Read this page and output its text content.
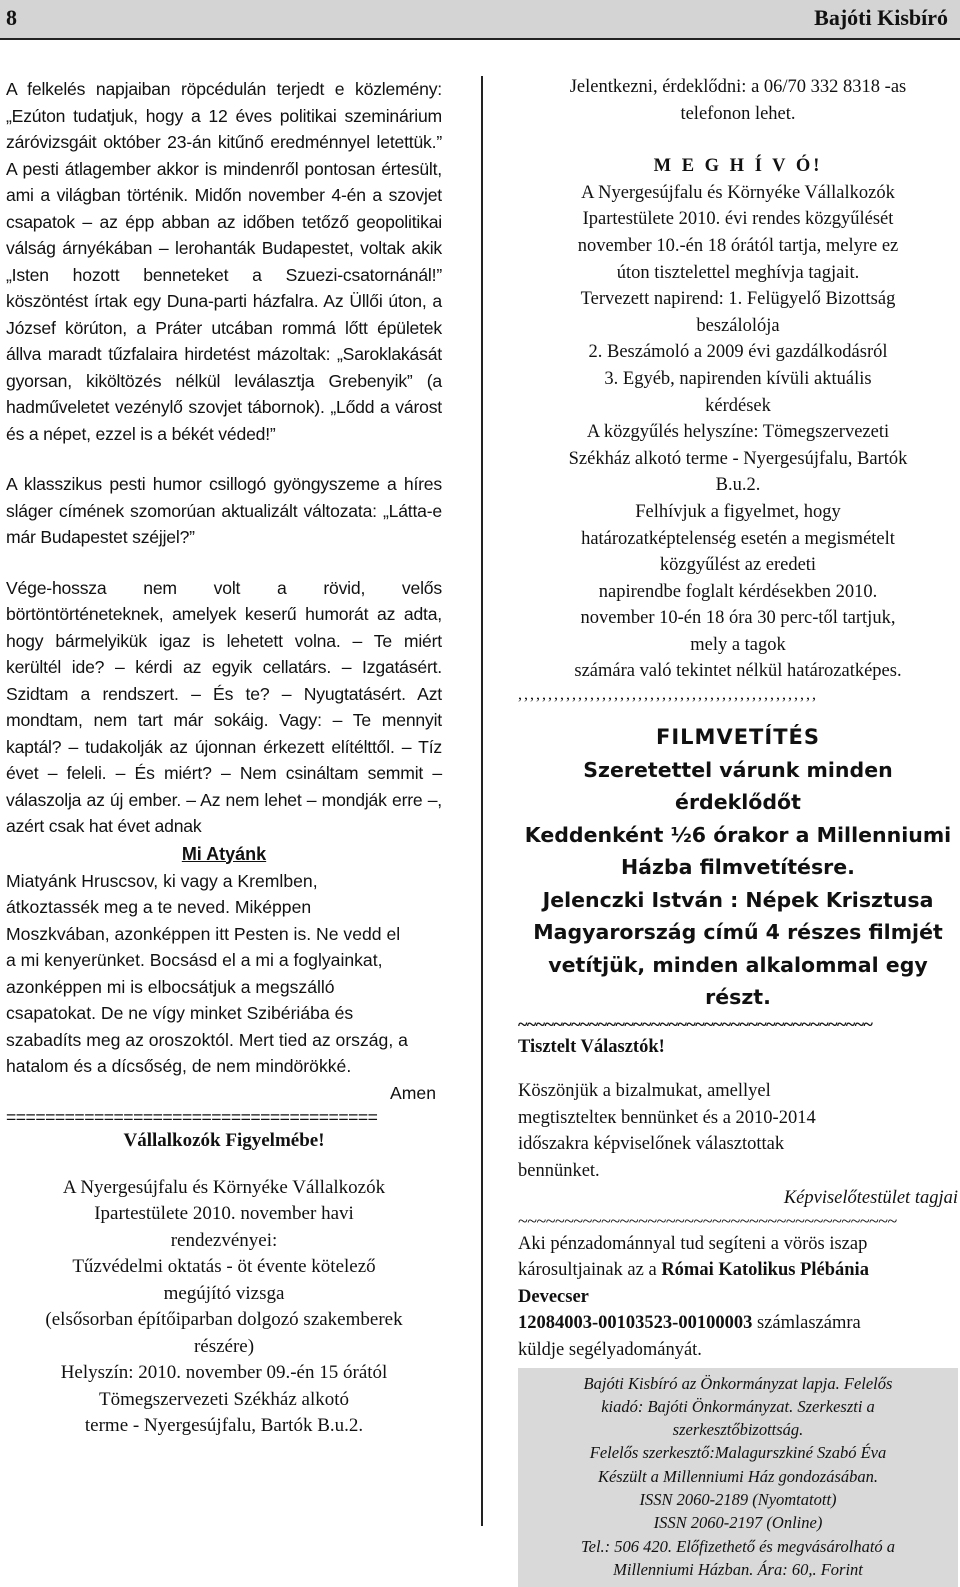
8	Bajóti Kisbíró

A felkelés napjaiban röpcédulán terjedt e közlemény: „Ezúton tudatjuk, hogy a 12 éves politikai szeminárium záróvizsgáit október 23-án kitűnő eredménnyel letettük.” A pesti átlagember akkor is mindenről pontosan értesült, ami a világban történik. Midőn november 4-én a szovjet csapatok – az épp abban az időben tetőző geopolitikai válság árnyékában – lerohanták Budapestet, voltak akik „Isten hozott benneteket a Szuezi-csatornánál!” köszöntést írtak egy Duna-parti házfalra. Az Üllői úton, a József körúton, a Práter utcában rommá lőtt épületek állva maradt tűzfalaira hirdetést mázoltak: „Saroklakását gyorsan, kiköltözés nélkül leválasztja Grebenyik” (a hadműveletet vezénylő szovjet tábornok). „Lődd a várost és a népet, ezzel is a békét véded!”

A klasszikus pesti humor csillogó gyöngyszeme a híres sláger címének szomorúan aktualizált változata: „Látta-e már Budapestet széjjel?”

Vége-hossza nem volt a rövid, velős börtöntörténeteknek, amelyek keserű humorát az adta, hogy bármelyikük igaz is lehetett volna. – Te miért kerültél ide? – kérdi az egyik cellatárs. – Izgatásért. Szidtam a rendszert. – És te? – Nyugtatásért. Azt mondtam, nem tart már sokáig. Vagy: – Te mennyit kaptál? – tudakolják az újonnan érkezett elítélttől. – Tíz évet – feleli. – És miért? – Nem csináltam semmit – válaszolja az új ember. – Az nem lehet – mondják erre –, azért csak hat évet adnak

Mi Atyánk

Miatyánk Hruscsov, ki vagy a Kremlben,
átkoztassék meg a te neved. Miképpen
Moszkvában, azonképpen itt Pesten is. Ne vedd el
a mi kenyerünket. Bocsásd el a mi a foglyainkat,
azonképpen mi is elbocsátjuk a megszálló
csapatokat. De ne vígy minket Szibériába és
szabadíts meg az oroszoktól. Mert tied az ország, a
hatalom és a dícsőség, de nem mindörökké.

Amen
======================================

Vállalkozók Figyelmébe!

A Nyergesújfalu és Környéke Vállalkozók
Ipartestülete 2010. november havi
rendezvényei:
Tűzvédelmi oktatás - öt évente kötelező
megújító vizsga
(elsősorban építőiparban dolgozó szakemberek
részére)
Helyszín: 2010. november 09.-én 15 órától
Tömegszervezeti Székház alkotó
terme - Nyergesújfalu, Bartók B.u.2.

Jelentkezni, érdeklődni: a 06/70 332 8318 -as
telefonon lehet.

M E G H Í V Ó!

A Nyergesújfalu és Környéke Vállalkozók
Ipartestülete 2010. évi rendes közgyűlését
november 10.-én 18 órától tartja, melyre ez
úton tisztelettel meghívja tagjait.
Tervezett napirend: 1. Felügyelő Bizottság
beszálolója
2. Beszámoló a 2009 évi gazdálkodásról
3. Egyéb, napirenden kívüli aktuális
kérdések
A közgyűlés helyszíne: Tömegszervezeti
Székház alkotó terme - Nyergesújfalu, Bartók
B.u.2.
Felhívjuk a figyelmet, hogy
határozatképtelenség esetén a megismételt
közgyűlést az eredeti
napirendbe foglalt kérdésekben 2010.
november 10-én 18 óra 30 perc-től tartjuk,
mely a tagok
számára való tekintet nélkül határozatképes.

,,,,,,,,,,,,,,,,,,,,,,,,,,,,,,,,,,,,,,,,,,,,,,,,,,

FILMVETÍTÉS

Szeretettel várunk minden érdeklődőt
Keddenként ½6 órakor a Millenniumi
Házba filmvetítésre.
Jelenczki István : Népek Krisztusa
Magyarország című 4 részes filmjét
vetítjük, minden alkalommal egy részt.

~~~~~~~~~~~~~~~~~~~~~~~~~~~~~~~~~~~~~~~~

Tisztelt Választók!

Köszönjük a bizalmukat, amellyel
megtisztelteк bennünket és a 2010-2014
időszakra képviselőnek választottak
bennünket.

Képviselőtestület tagjai
~~~~~~~~~~~~~~~~~~~~~~~~~~~~~~~~~~~~~~~~~

Aki pénzadománnyal tud segíteni a vörös iszap
károsultjainak az a Római Katolikus Plébánia
Devecser
12084003-00103523-00100003 számlaszámra
küldje segélyadományát.

Bajóti Kisbíró az Önkormányzat lapja. Felelős

kiadó: Bajóti Önkormányzat. Szerkeszti a

szerkesztőbizottság.

Felelős szerkesztő:Malagurszkiné Szabó Éva

Készült a Millenniumi Ház gondozásában.

ISSN 2060-2189 (Nyomtatott)

ISSN 2060-2197 (Online)

Tel.: 506 420. Előfizethető és megvásárolható a

Millenniumi Házban. Ára: 60,. Forint
